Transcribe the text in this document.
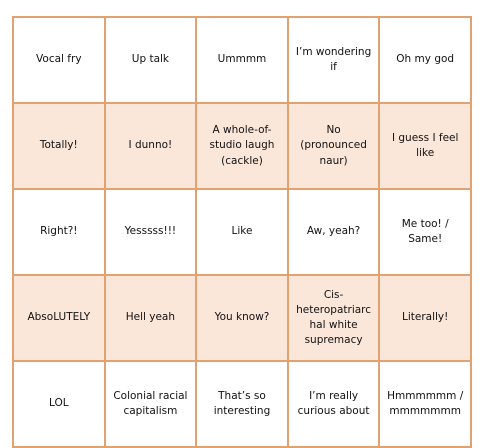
Vocal fry	Up talk	Ummmm	I’m wondering if	Oh my god
Totally!	I dunno!	A whole-of-studio laugh (cackle)	No (pronounced naur)	I guess I feel like
Right?!	Yesssss!!!	Like	Aw, yeah?	Me too! / Same!
AbsoLUTELY	Hell yeah	You know?	Cis-heteropatriarchal white supremacy	Literally!
LOL	Colonial racial capitalism	That’s so interesting	I’m really curious about	Hmmmmmm / mmmmmmm
